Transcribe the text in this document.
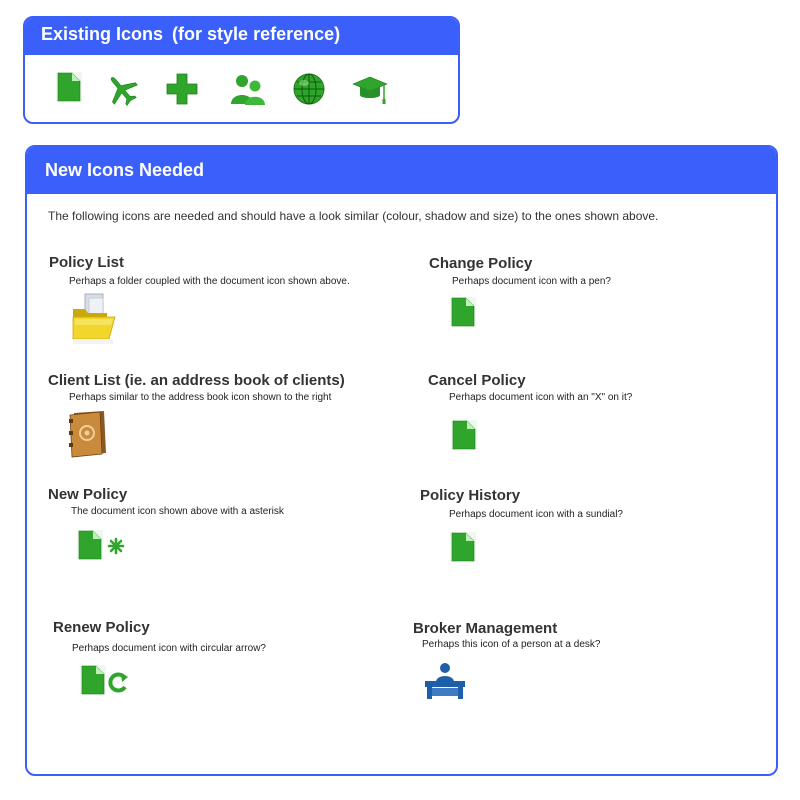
Existing Icons (for style reference)
New Icons Needed
The following icons are needed and should have a look similar (colour, shadow and size) to the ones shown above.
Policy List
Perhaps a folder coupled with the document icon shown above.
Change Policy
Perhaps document icon with a pen?
Client List (ie. an address book of clients)
Perhaps similar to the address book icon shown to the right
Cancel Policy
Perhaps document icon with an "X" on it?
New Policy
The document icon shown above with a asterisk
Policy History
Perhaps document icon with a sundial?
Renew Policy
Perhaps document icon with circular arrow?
Broker Management
Perhaps this icon of a person at a desk?
